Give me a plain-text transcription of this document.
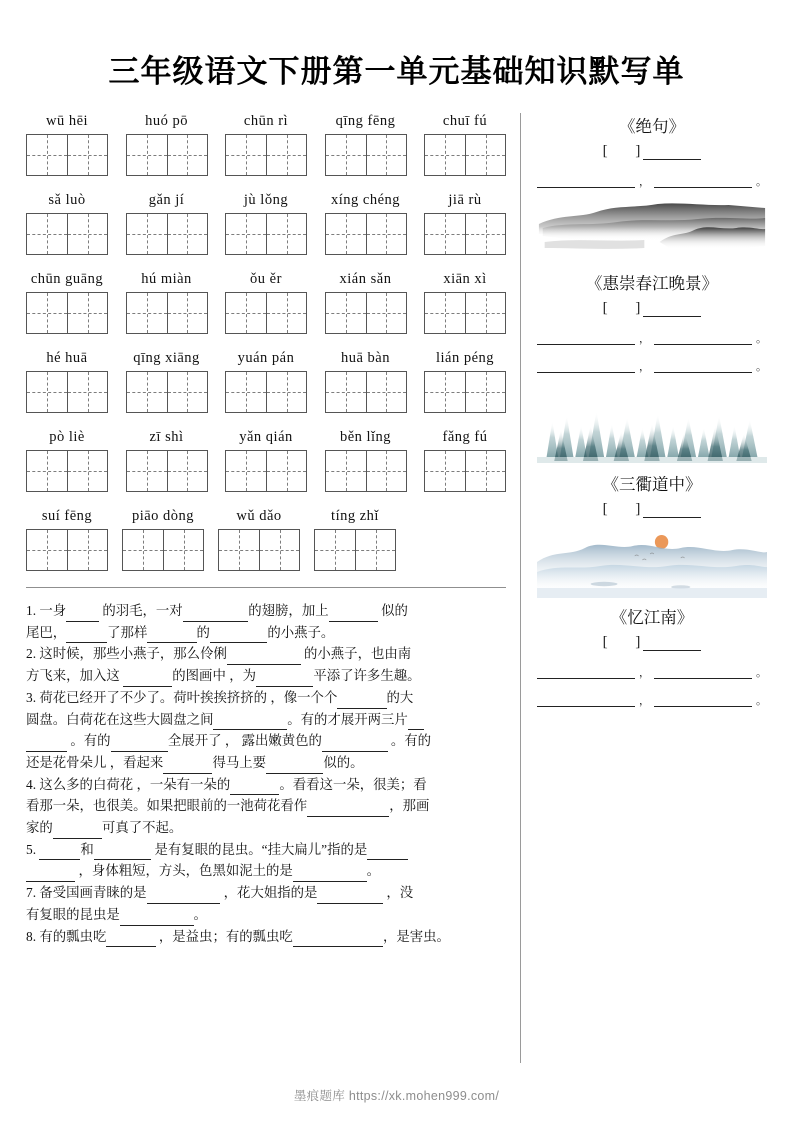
三年级语文下册第一单元基础知识默写单
wū hēi	huó pō	chūn rì	qīng fēng	chuī fú
sǎ luò	gǎn jí	jù lǒng	xíng chéng	jiā rù
chūn guāng	hú miàn	ǒu ěr	xián sǎn	xiān xì
hé huā	qīng xiāng	yuán pán	huā bàn	lián péng
pò liè	zī shì	yǎn qián	běn lǐng	fǎng fú
suí fēng	piāo dòng	wǔ dǎo	tíng zhǐ

1. 一身 的羽毛，一对	的翅膀，加上	似的

尾巴，	了那样	的	的小燕子。

2. 这时候，那些小燕子，那么伶俐	的小燕子，也由南

方飞来，加入这	的图画中 ，为	平添了许多生趣。

3. 荷花已经开了不少了。荷叶挨挨挤挤的 ，像一个个	的大

圆盘。白荷花在这些大圆盘之间	。有的才展开两三片

。有的	全展开了 ， 露出嫩黄色的	。有的

还是花骨朵儿 ，看起来	得马上要	似的。

4. 这么多的白荷花 ，一朵有一朵的	。看看这一朵，很美；看

看那一朵，也很美。如果把眼前的一池荷花看作	，那画

家的	可真了不起。

5.	和	是有复眼的昆虫。“挂大扁儿”指的是

，身体粗短，方头，色黑如泥土的是	。

7. 备受国画青睐的是	，花大姐指的是	，没

有复眼的昆虫是	。

8. 有的瓢虫吃	，是益虫；有的瓢虫吃	，是害虫。

《绝句》
[ ]
，	。
《惠崇春江晚景》
[ ]
，	。
，	。
《三衢道中》
[ ]
《忆江南》
[ ]
，	。
，	。
墨痕题库 https://xk.mohen999.com/
